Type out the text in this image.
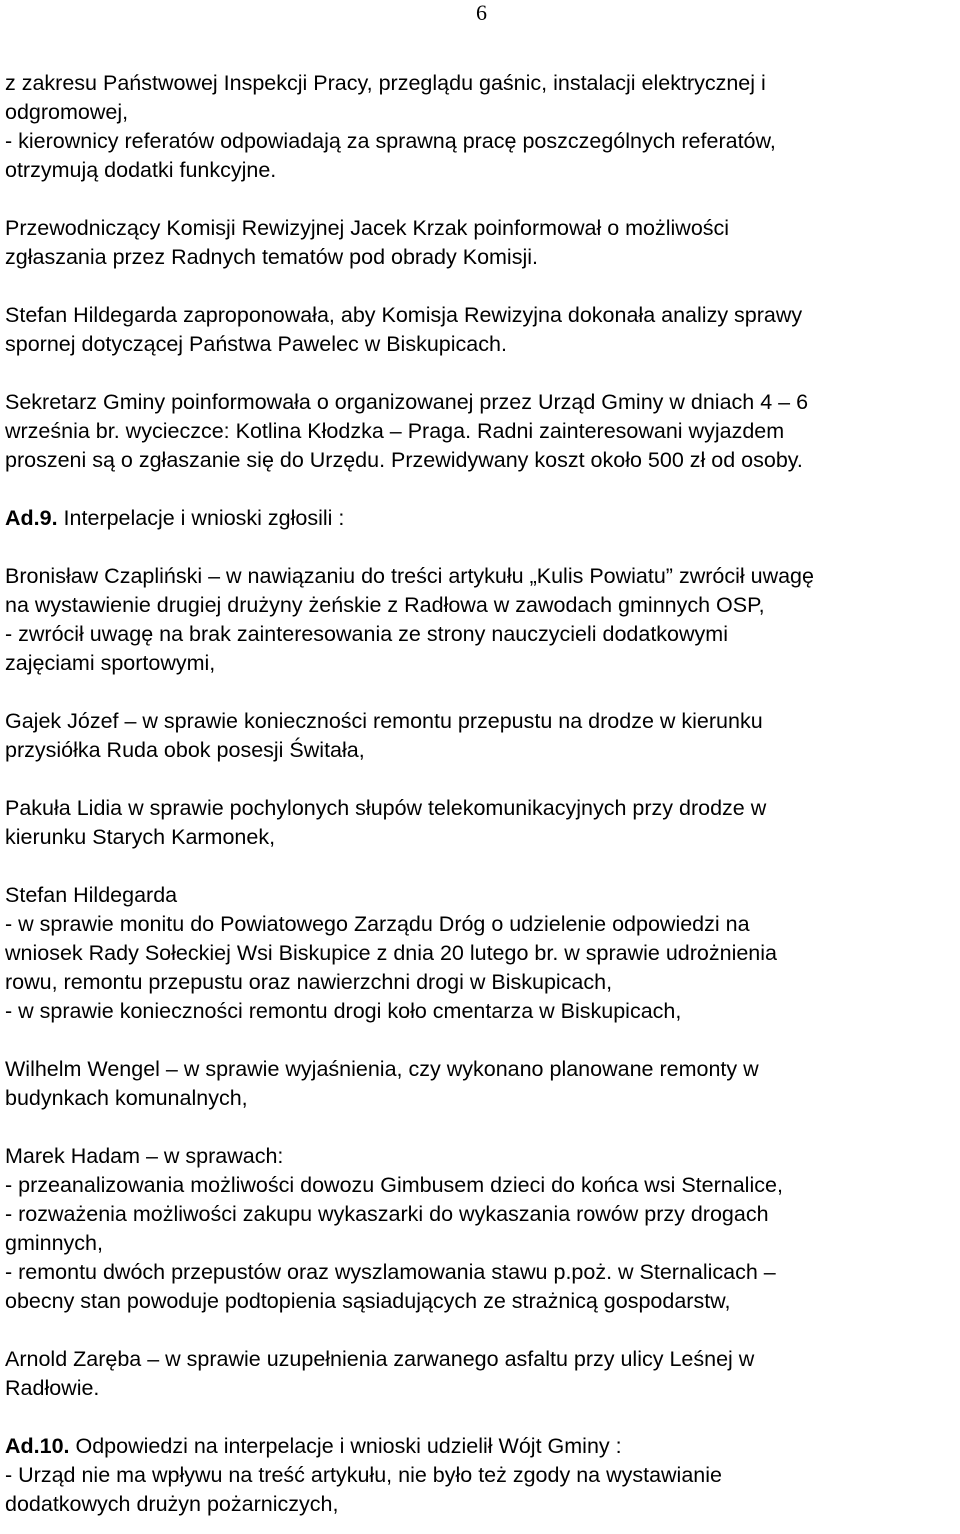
6
z zakresu Państwowej Inspekcji Pracy, przeglądu gaśnic, instalacji elektrycznej i
odgromowej,
- kierownicy referatów odpowiadają za sprawną pracę poszczególnych referatów,
otrzymują dodatki funkcyjne.
Przewodniczący Komisji Rewizyjnej Jacek Krzak poinformował o możliwości
zgłaszania przez Radnych tematów pod obrady Komisji.
Stefan Hildegarda zaproponowała, aby Komisja Rewizyjna dokonała analizy sprawy
spornej dotyczącej Państwa Pawelec w Biskupicach.
Sekretarz Gminy poinformowała o organizowanej przez Urząd Gminy w dniach 4 – 6
września br. wycieczce: Kotlina Kłodzka – Praga. Radni zainteresowani wyjazdem
proszeni są o zgłaszanie się do Urzędu. Przewidywany koszt około 500 zł od osoby.
Ad.9. Interpelacje i wnioski zgłosili :
Bronisław Czapliński – w nawiązaniu do treści artykułu „Kulis Powiatu” zwrócił uwagę
na wystawienie drugiej drużyny żeńskie z Radłowa w zawodach gminnych OSP,
- zwrócił uwagę na brak zainteresowania ze strony nauczycieli dodatkowymi
zajęciami sportowymi,
Gajek Józef – w sprawie konieczności remontu przepustu na drodze w kierunku
przysiółka Ruda obok posesji Świtała,
Pakuła Lidia w sprawie pochylonych słupów telekomunikacyjnych przy drodze w
kierunku Starych Karmonek,
Stefan Hildegarda
- w sprawie monitu do Powiatowego Zarządu Dróg o udzielenie odpowiedzi na
wniosek Rady Sołeckiej Wsi Biskupice z dnia 20 lutego br. w sprawie udrożnienia
rowu, remontu przepustu oraz nawierzchni drogi w Biskupicach,
- w sprawie konieczności remontu drogi koło cmentarza w Biskupicach,
Wilhelm Wengel – w sprawie wyjaśnienia, czy wykonano planowane remonty w
budynkach komunalnych,
Marek Hadam – w sprawach:
- przeanalizowania możliwości dowozu Gimbusem dzieci do końca wsi Sternalice,
- rozważenia możliwości zakupu wykaszarki do wykaszania rowów przy drogach
gminnych,
- remontu dwóch przepustów oraz wyszlamowania stawu p.poż. w Sternalicach –
obecny stan powoduje podtopienia sąsiadujących ze strażnicą gospodarstw,
Arnold Zaręba – w sprawie uzupełnienia zarwanego asfaltu przy ulicy Leśnej w
Radłowie.
Ad.10. Odpowiedzi na interpelacje i wnioski udzielił Wójt Gminy :
- Urząd nie ma wpływu na treść artykułu, nie było też zgody na wystawianie
dodatkowych drużyn pożarniczych,
